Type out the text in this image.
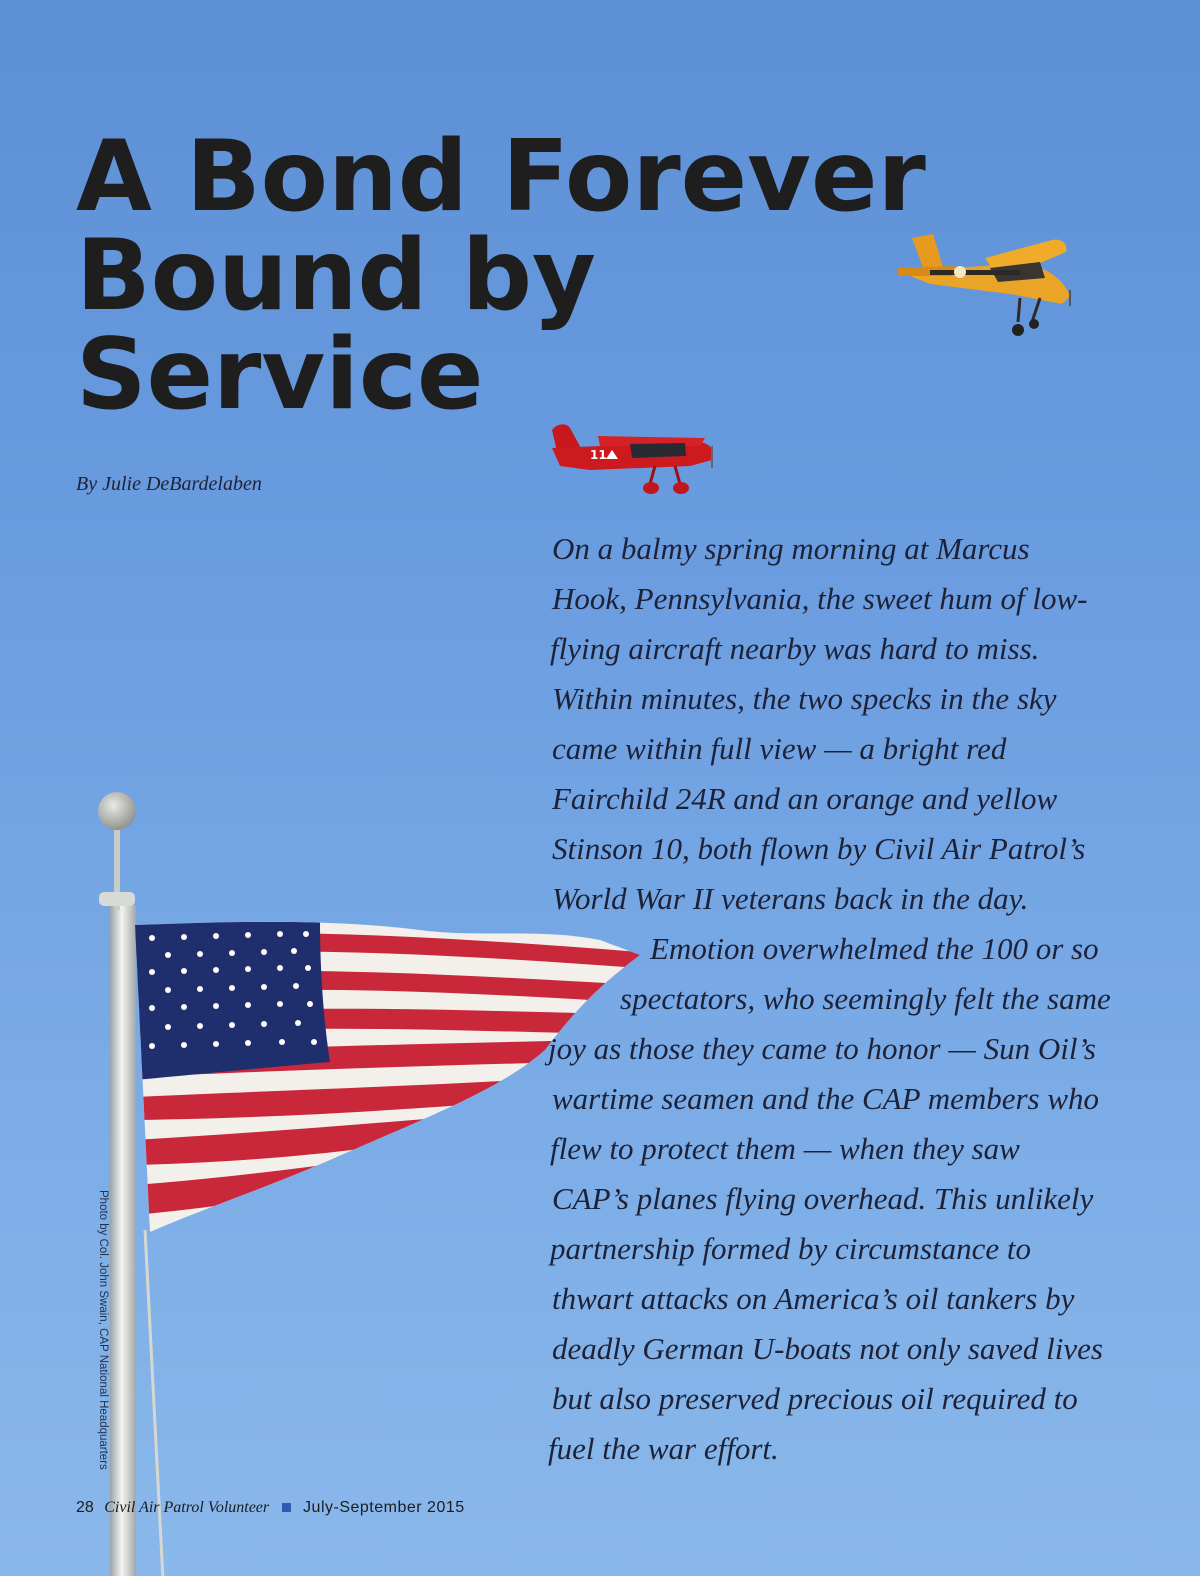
11
A Bond Forever
Bound by
Service

By Julie DeBardelaben

On a balmy spring morning at Marcus
Hook, Pennsylvania, the sweet hum of low-
flying aircraft nearby was hard to miss.
Within minutes, the two specks in the sky
came within full view — a bright red
Fairchild 24R and an orange and yellow
Stinson 10, both flown by Civil Air Patrol’s
World War II veterans back in the day.
Emotion overwhelmed the 100 or so
spectators, who seemingly felt the same
joy as those they came to honor — Sun Oil’s
wartime seamen and the CAP members who
flew to protect them — when they saw
CAP’s planes flying overhead. This unlikely
partnership formed by circumstance to
thwart attacks on America’s oil tankers by
deadly German U-boats not only saved lives
but also preserved precious oil required to
fuel the war effort.
Photo by Col. John Swain, CAP National Headquarters
28 Civil Air Patrol Volunteer July-September 2015
